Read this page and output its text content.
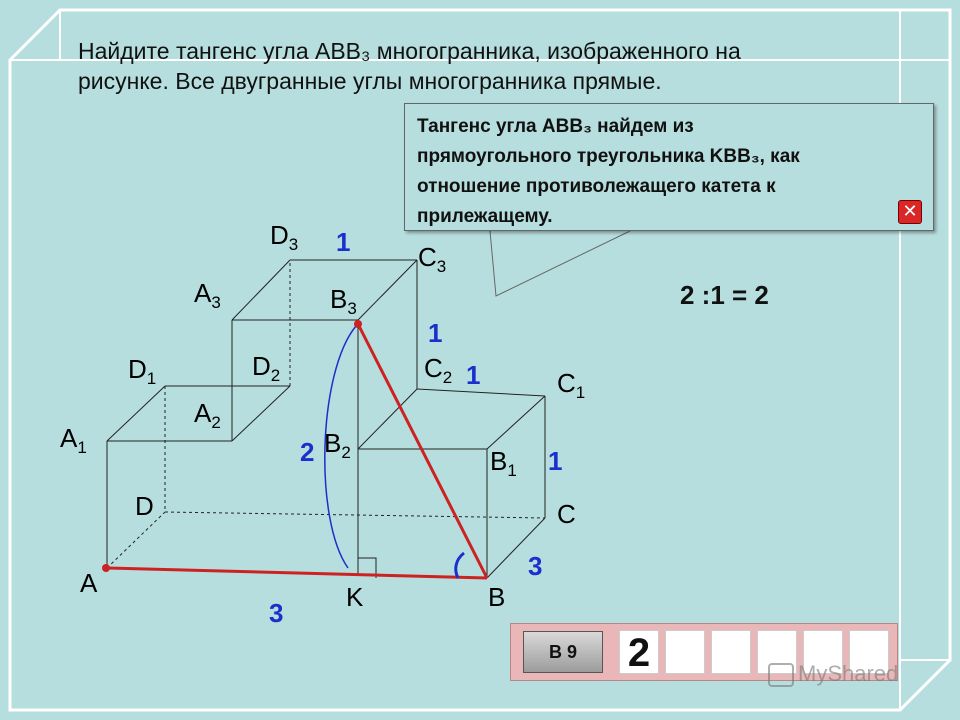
Найдите тангенс угла ABB₃ многогранника, изображенного на
рисунке. Все двугранные углы многогранника прямые.
Тангенс угла ABB₃ найдем из
прямоугольного треугольника KBB₃, как
отношение противолежащего катета к
прилежащему.	✕
A	B
C
D
K
$A_1$
$D_1$
$B_1$
$C_1$
$A_2$
$D_2$
$B_2$
$C_2$
$A_3$
$D_3$
$B_3$
$C_3$
1
1
1
1
2
3
3
2 :1 = 2
В 9	2	MyShared
